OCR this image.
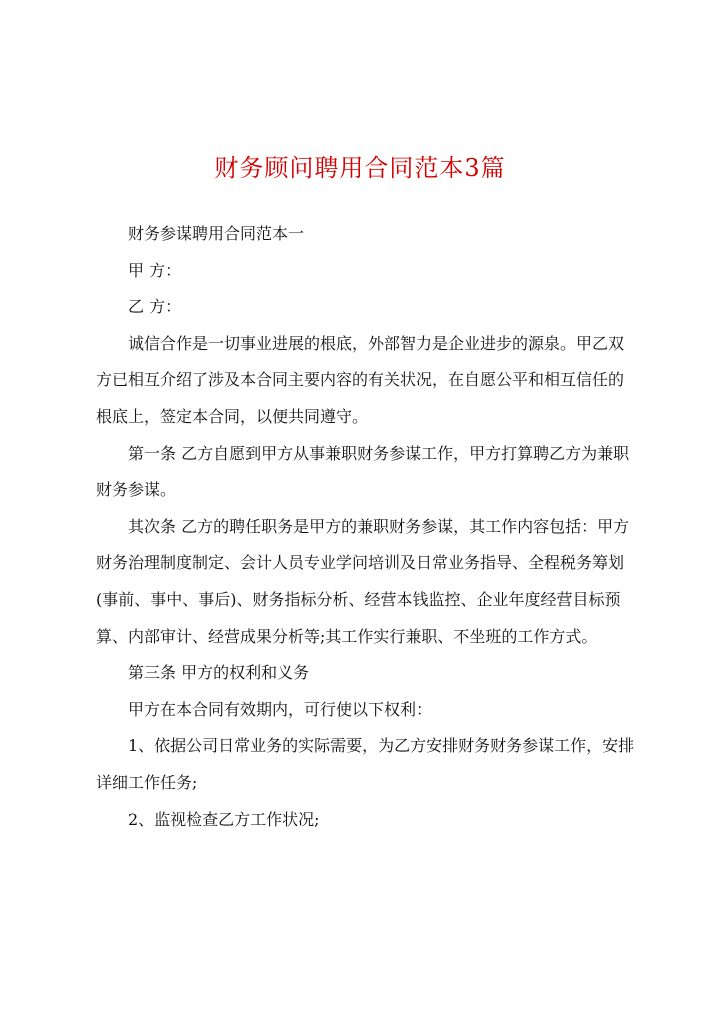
财务顾问聘用合同范本3篇

财务参谋聘用合同范本一

甲 方：

乙 方：

诚信合作是一切事业进展的根底，外部智力是企业进步的源泉。甲乙双方已相互介绍了涉及本合同主要内容的有关状况，在自愿公平和相互信任的根底上，签定本合同，以便共同遵守。

第一条 乙方自愿到甲方从事兼职财务参谋工作，甲方打算聘乙方为兼职财务参谋。

其次条 乙方的聘任职务是甲方的兼职财务参谋，其工作内容包括：甲方财务治理制度制定、会计人员专业学问培训及日常业务指导、全程税务筹划(事前、事中、事后)、财务指标分析、经营本钱监控、企业年度经营目标预算、内部审计、经营成果分析等;其工作实行兼职、不坐班的工作方式。

第三条 甲方的权利和义务

甲方在本合同有效期内，可行使以下权利：

1、依据公司日常业务的实际需要，为乙方安排财务财务参谋工作，安排详细工作任务;

2、监视检查乙方工作状况;
